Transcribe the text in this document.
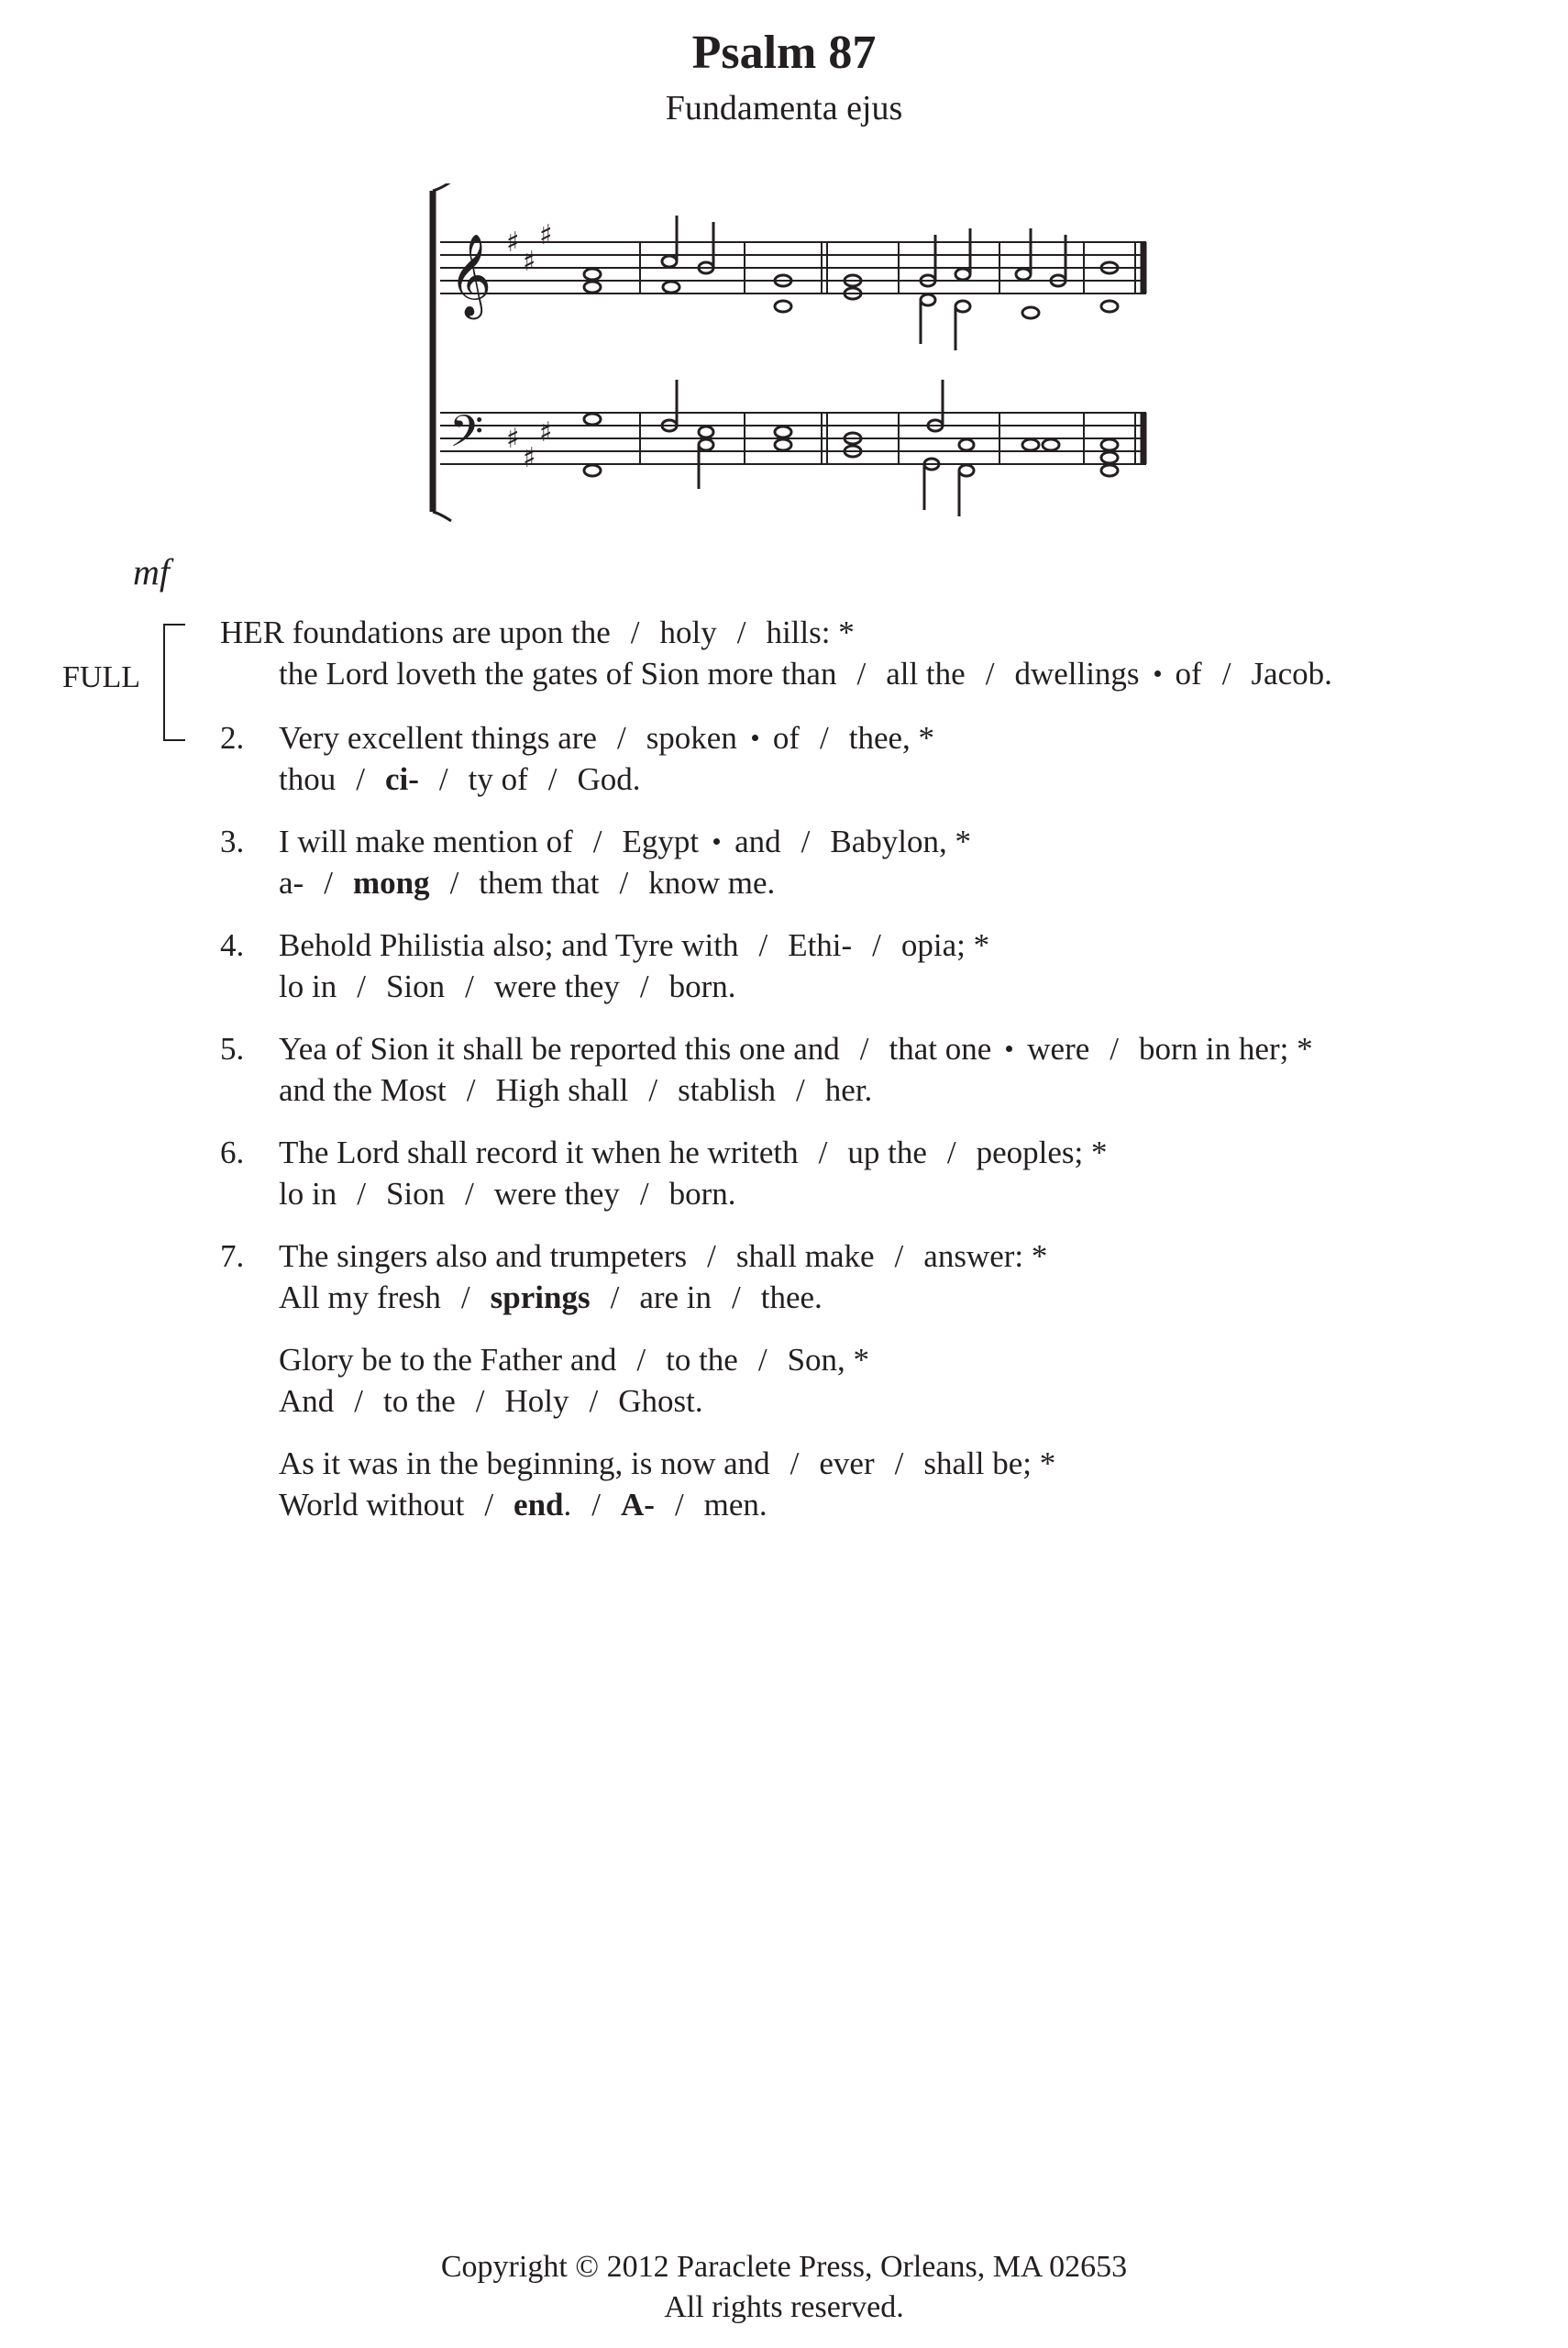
Psalm 87
Fundamenta ejus
𝄞
𝄢
♯
♯
♯
♯
♯
♯
mf
FULL
HER foundations are upon the / holy / hills: *
the Lord loveth the gates of Sion more than / all the / dwellings of / Jacob.
2. Very excellent things are / spoken of / thee, *
thou / ci- / ty of / God.
3. I will make mention of / Egypt and / Babylon, *
a- / mong / them that / know me.
4. Behold Philistia also; and Tyre with / Ethi- / opia; *
lo in / Sion / were they / born.
5. Yea of Sion it shall be reported this one and / that one were / born in her; *
and the Most / High shall / stablish / her.
6. The Lord shall record it when he writeth / up the / peoples; *
lo in / Sion / were they / born.
7. The singers also and trumpeters / shall make / answer: *
All my fresh / springs / are in / thee.
Glory be to the Father and / to the / Son, *
And / to the / Holy / Ghost.
As it was in the beginning, is now and / ever / shall be; *
World without / end. / A- / men.
Copyright © 2012 Paraclete Press, Orleans, MA 02653
All rights reserved.
